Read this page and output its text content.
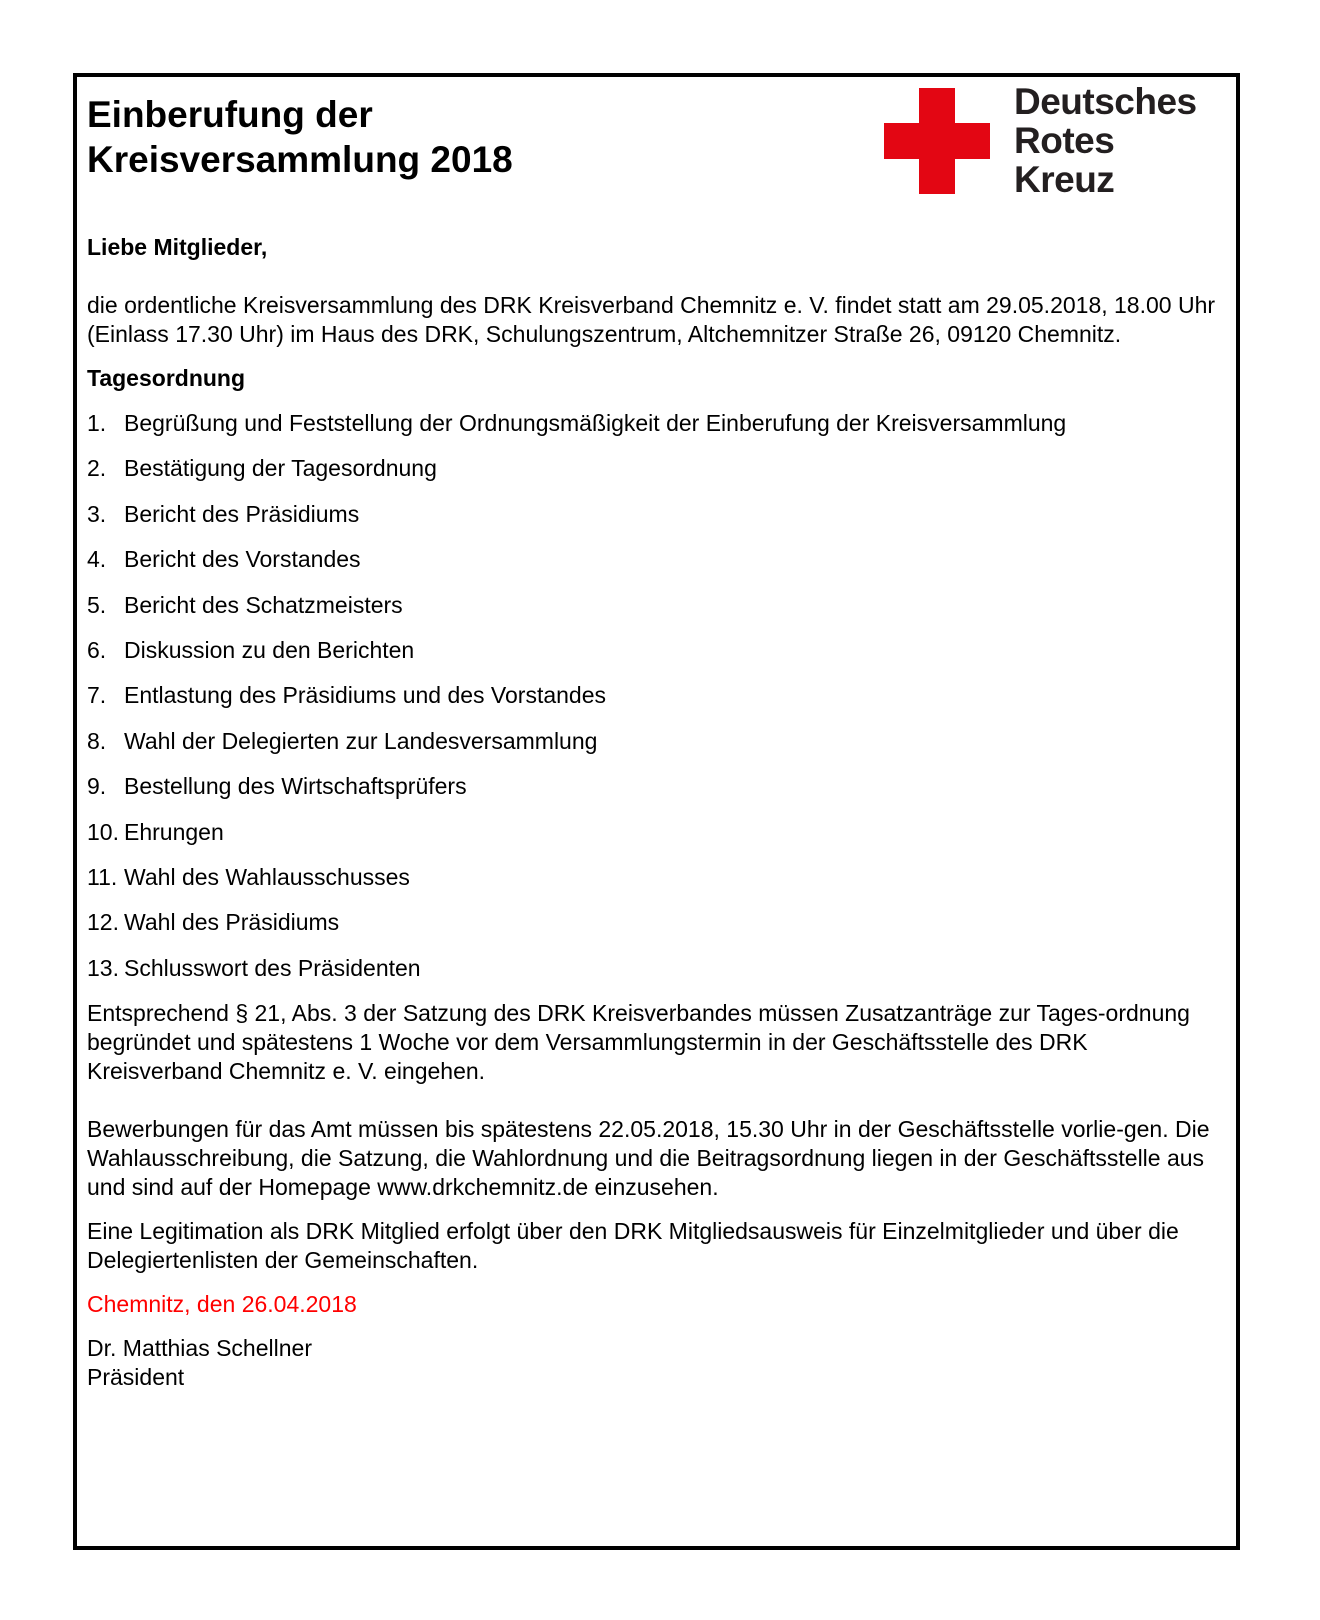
Einberufung der
Kreisversammlung 2018
Deutsches
Rotes
Kreuz

Liebe Mitglieder,

die ordentliche Kreisversammlung des DRK Kreisverband Chemnitz e. V. findet statt am 29.05.2018, 18.00 Uhr (Einlass 17.30 Uhr) im Haus des DRK, Schulungszentrum, Altchemnitzer Straße 26, 09120 Chemnitz.

Tagesordnung

1. Begrüßung und Feststellung der Ordnungsmäßigkeit der Einberufung der Kreisversammlung
2. Bestätigung der Tagesordnung
3. Bericht des Präsidiums
4. Bericht des Vorstandes
5. Bericht des Schatzmeisters
6. Diskussion zu den Berichten
7. Entlastung des Präsidiums und des Vorstandes
8. Wahl der Delegierten zur Landesversammlung
9. Bestellung des Wirtschaftsprüfers
10. Ehrungen
11. Wahl des Wahlausschusses
12. Wahl des Präsidiums
13. Schlusswort des Präsidenten

Entsprechend § 21, Abs. 3 der Satzung des DRK Kreisverbandes müssen Zusatzanträge zur Tages-ordnung begründet und spätestens 1 Woche vor dem Versammlungstermin in der Geschäftsstelle des DRK Kreisverband Chemnitz e. V. eingehen.

Bewerbungen für das Amt müssen bis spätestens 22.05.2018, 15.30 Uhr in der Geschäftsstelle vorlie-gen. Die Wahlausschreibung, die Satzung, die Wahlordnung und die Beitragsordnung liegen in der Geschäftsstelle aus und sind auf der Homepage www.drkchemnitz.de einzusehen.

Eine Legitimation als DRK Mitglied erfolgt über den DRK Mitgliedsausweis für Einzelmitglieder und über die Delegiertenlisten der Gemeinschaften.

Chemnitz, den 26.04.2018

Dr. Matthias Schellner
Präsident
